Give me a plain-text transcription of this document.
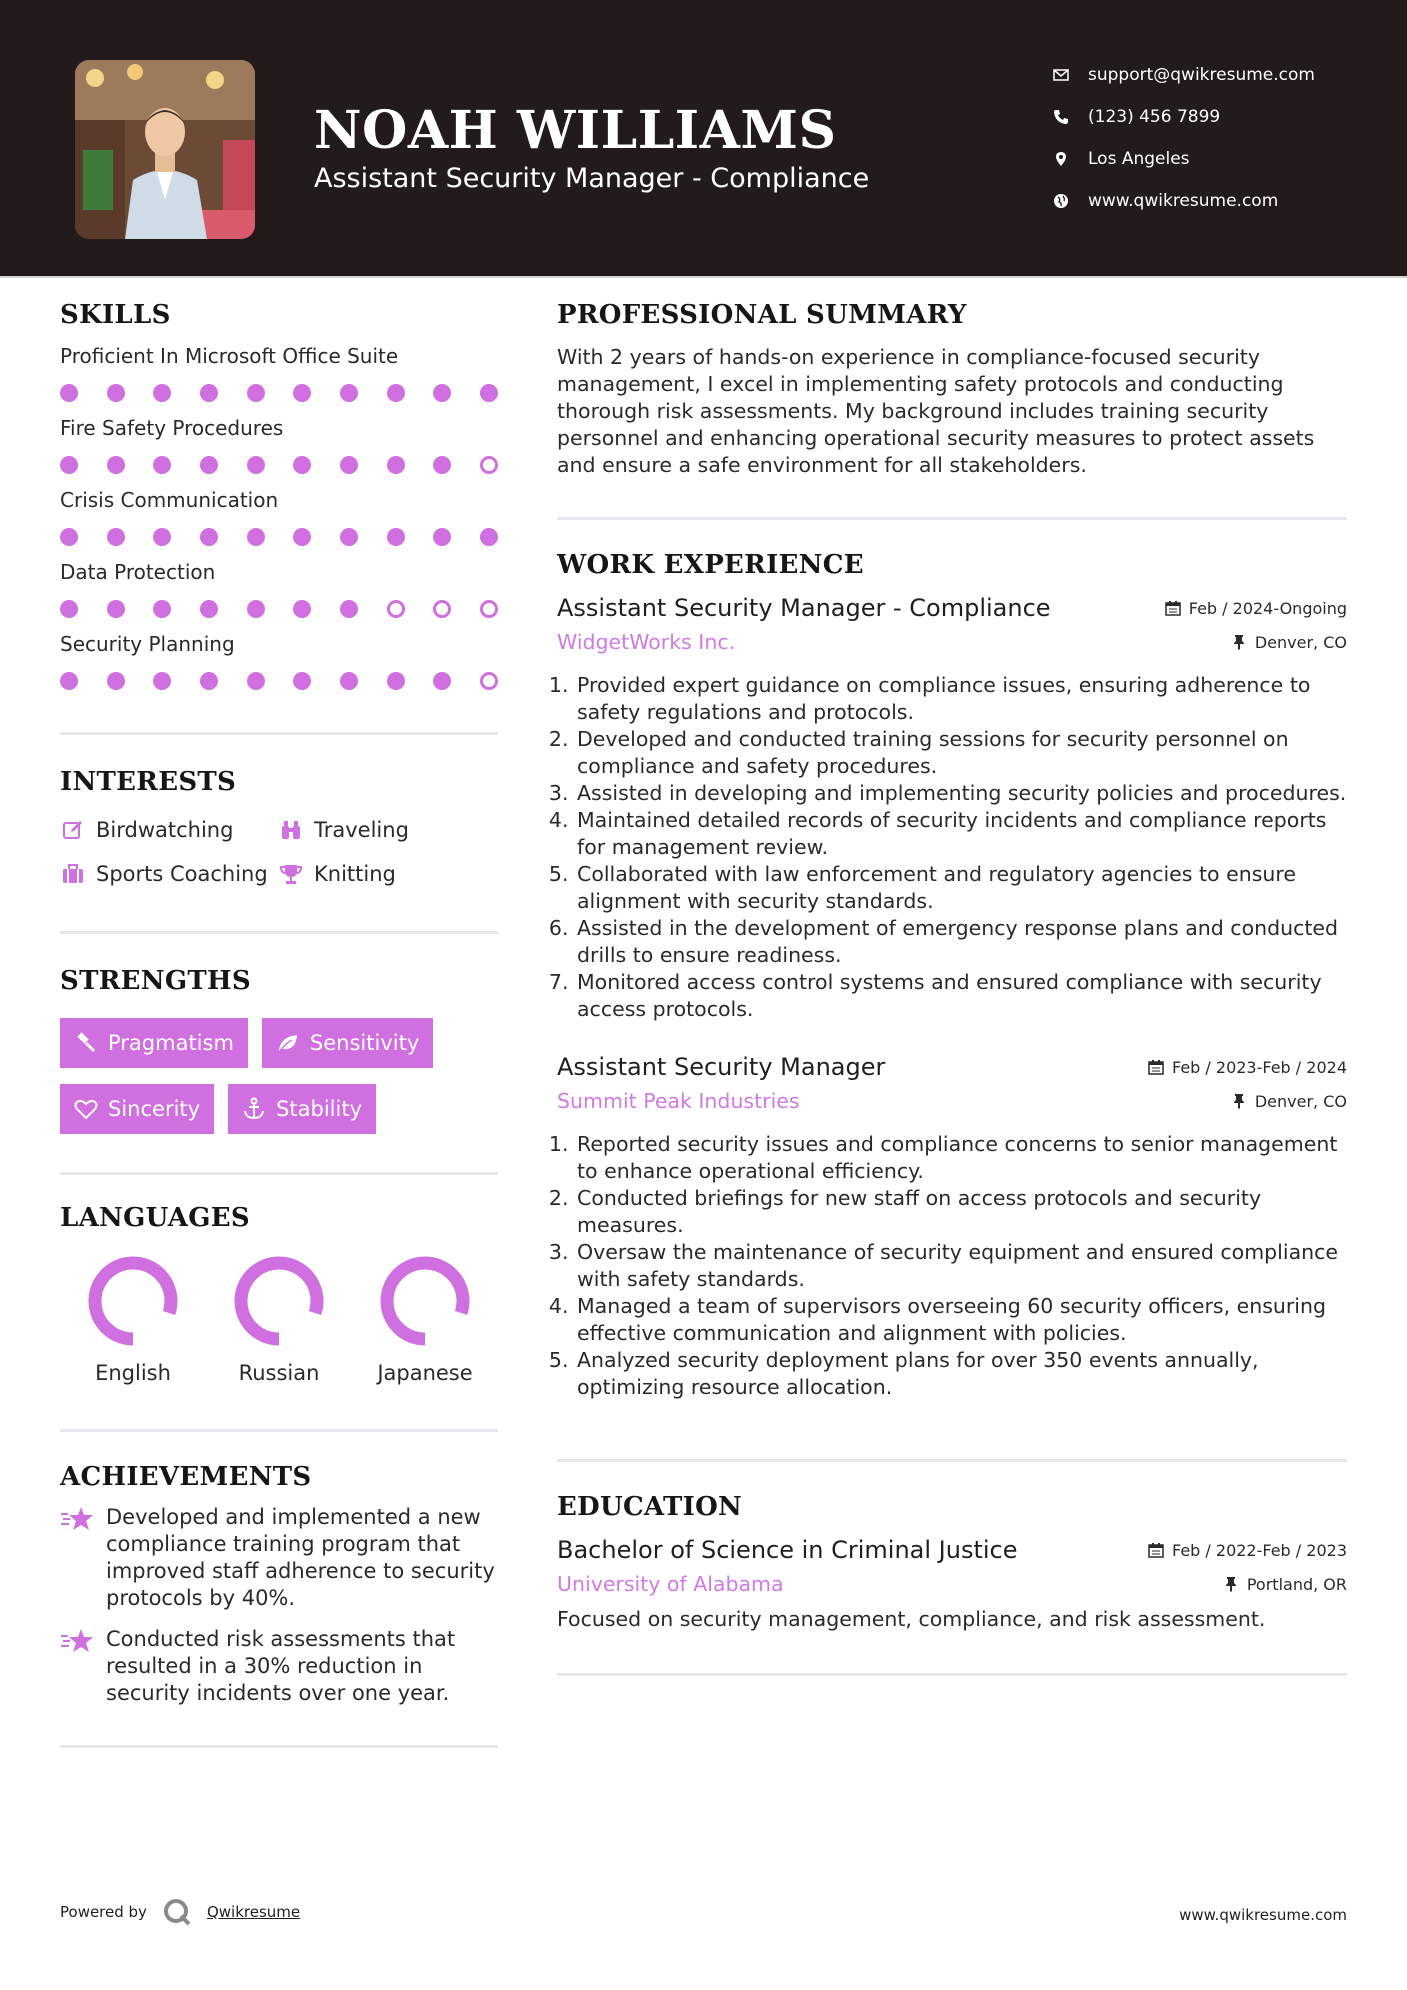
NOAH WILLIAMS
Assistant Security Manager - Compliance
support@qwikresume.com
(123) 456 7899
Los Angeles
www.qwikresume.com
SKILLS
Proficient In Microsoft Office Suite
Fire Safety Procedures
Crisis Communication
Data Protection
Security Planning
INTERESTS
Birdwatching	Traveling
Sports Coaching Knitting
STRENGTHS
Pragmatism	Sensitivity
Sincerity	Stability
LANGUAGES
English	Russian	Japanese
ACHIEVEMENTS
Developed and implemented a new compliance training program that improved staff adherence to security protocols by 40%.
Conducted risk assessments that resulted in a 30% reduction in security incidents over one year.
PROFESSIONAL SUMMARY
With 2 years of hands-on experience in compliance-focused security management, I excel in implementing safety protocols and conducting thorough risk assessments. My background includes training security personnel and enhancing operational security measures to protect assets and ensure a safe environment for all stakeholders.
WORK EXPERIENCE
Assistant Security Manager - Compliance	Feb / 2024-Ongoing
WidgetWorks Inc.	Denver, CO
1. Provided expert guidance on compliance issues, ensuring adherence to safety regulations and protocols.
2. Developed and conducted training sessions for security personnel on compliance and safety procedures.
3. Assisted in developing and implementing security policies and procedures.
4. Maintained detailed records of security incidents and compliance reports for management review.
5. Collaborated with law enforcement and regulatory agencies to ensure alignment with security standards.
6. Assisted in the development of emergency response plans and conducted drills to ensure readiness.
7. Monitored access control systems and ensured compliance with security access protocols.
Assistant Security Manager	Feb / 2023-Feb / 2024
Summit Peak Industries	Denver, CO
1. Reported security issues and compliance concerns to senior management to enhance operational efficiency.
2. Conducted briefings for new staff on access protocols and security measures.
3. Oversaw the maintenance of security equipment and ensured compliance with safety standards.
4. Managed a team of supervisors overseeing 60 security officers, ensuring effective communication and alignment with policies.
5. Analyzed security deployment plans for over 350 events annually, optimizing resource allocation.
EDUCATION
Bachelor of Science in Criminal Justice	Feb / 2022-Feb / 2023
University of Alabama	Portland, OR
Focused on security management, compliance, and risk assessment.
Powered by	Qwikresume	www.qwikresume.com
